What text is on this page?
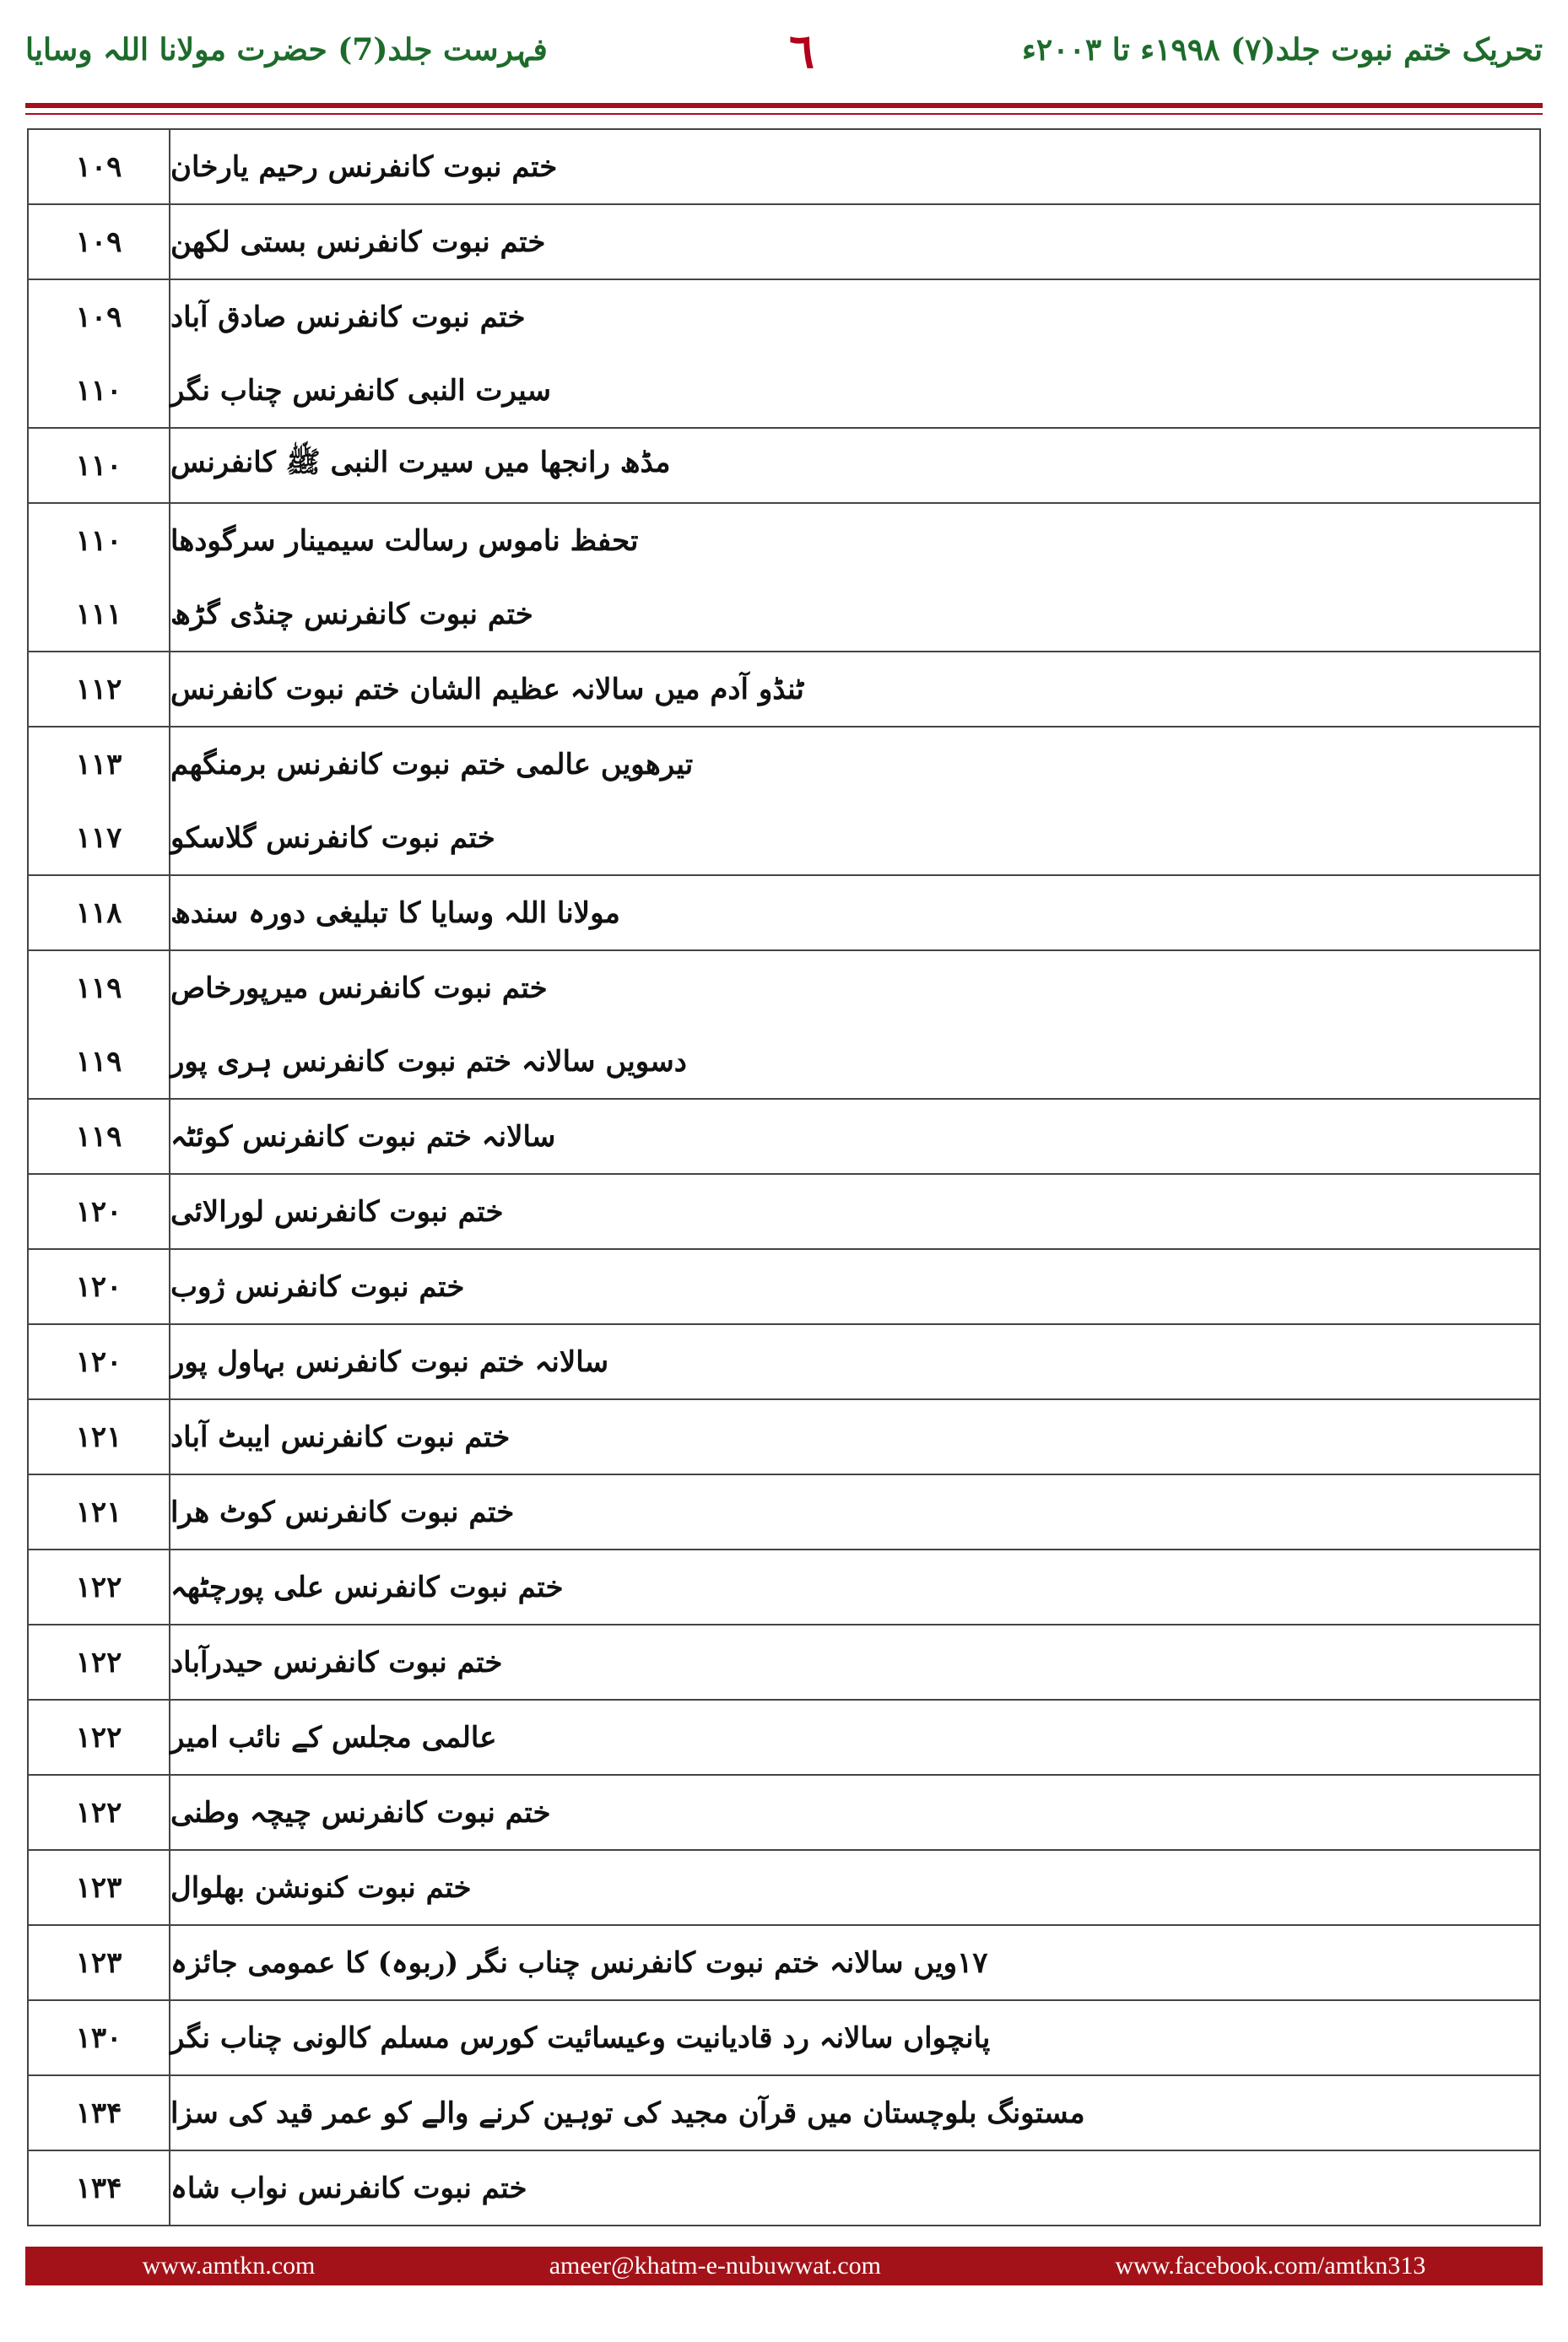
فہرست جلد(7) حضرت مولانا اللہ وسایا	٦	تحریک ختم نبوت جلد(۷) ۱۹۹۸ء تا ۲۰۰۳ء
۱۰۹	ختم نبوت کانفرنس رحیم یارخان
۱۰۹	ختم نبوت کانفرنس بستی لکھن
۱۰۹	ختم نبوت کانفرنس صادق آباد
۱۱۰	سیرت النبی کانفرنس چناب نگر
۱۱۰	مڈھ رانجھا میں سیرت النبی ﷺ کانفرنس
۱۱۰	تحفظ ناموس رسالت سیمینار سرگودھا
۱۱۱	ختم نبوت کانفرنس چنڈی گڑھ
۱۱۲	ٹنڈو آدم میں سالانہ عظیم الشان ختم نبوت کانفرنس
۱۱۳	تیرھویں عالمی ختم نبوت کانفرنس برمنگھم
۱۱۷	ختم نبوت کانفرنس گلاسکو
۱۱۸	مولانا اللہ وسایا کا تبلیغی دورہ سندھ
۱۱۹	ختم نبوت کانفرنس میرپورخاص
۱۱۹	دسویں سالانہ ختم نبوت کانفرنس ہری پور
۱۱۹	سالانہ ختم نبوت کانفرنس کوئٹہ
۱۲۰	ختم نبوت کانفرنس لورالائی
۱۲۰	ختم نبوت کانفرنس ژوب
۱۲۰	سالانہ ختم نبوت کانفرنس بہاول پور
۱۲۱	ختم نبوت کانفرنس ایبٹ آباد
۱۲۱	ختم نبوت کانفرنس کوٹ ھرا
۱۲۲	ختم نبوت کانفرنس علی پورچٹھہ
۱۲۲	ختم نبوت کانفرنس حیدرآباد
۱۲۲	عالمی مجلس کے نائب امیر
۱۲۲	ختم نبوت کانفرنس چیچہ وطنی
۱۲۳	ختم نبوت کنونشن بھلوال
۱۲۳	۱۷ویں سالانہ ختم نبوت کانفرنس چناب نگر (ربوہ) کا عمومی جائزہ
۱۳۰	پانچواں سالانہ رد قادیانیت وعیسائیت کورس مسلم کالونی چناب نگر
۱۳۴	مستونگ بلوچستان میں قرآن مجید کی توہین کرنے والے کو عمر قید کی سزا
۱۳۴	ختم نبوت کانفرنس نواب شاہ
www.amtkn.com	ameer@khatm-e-nubuwwat.com	www.facebook.com/amtkn313
